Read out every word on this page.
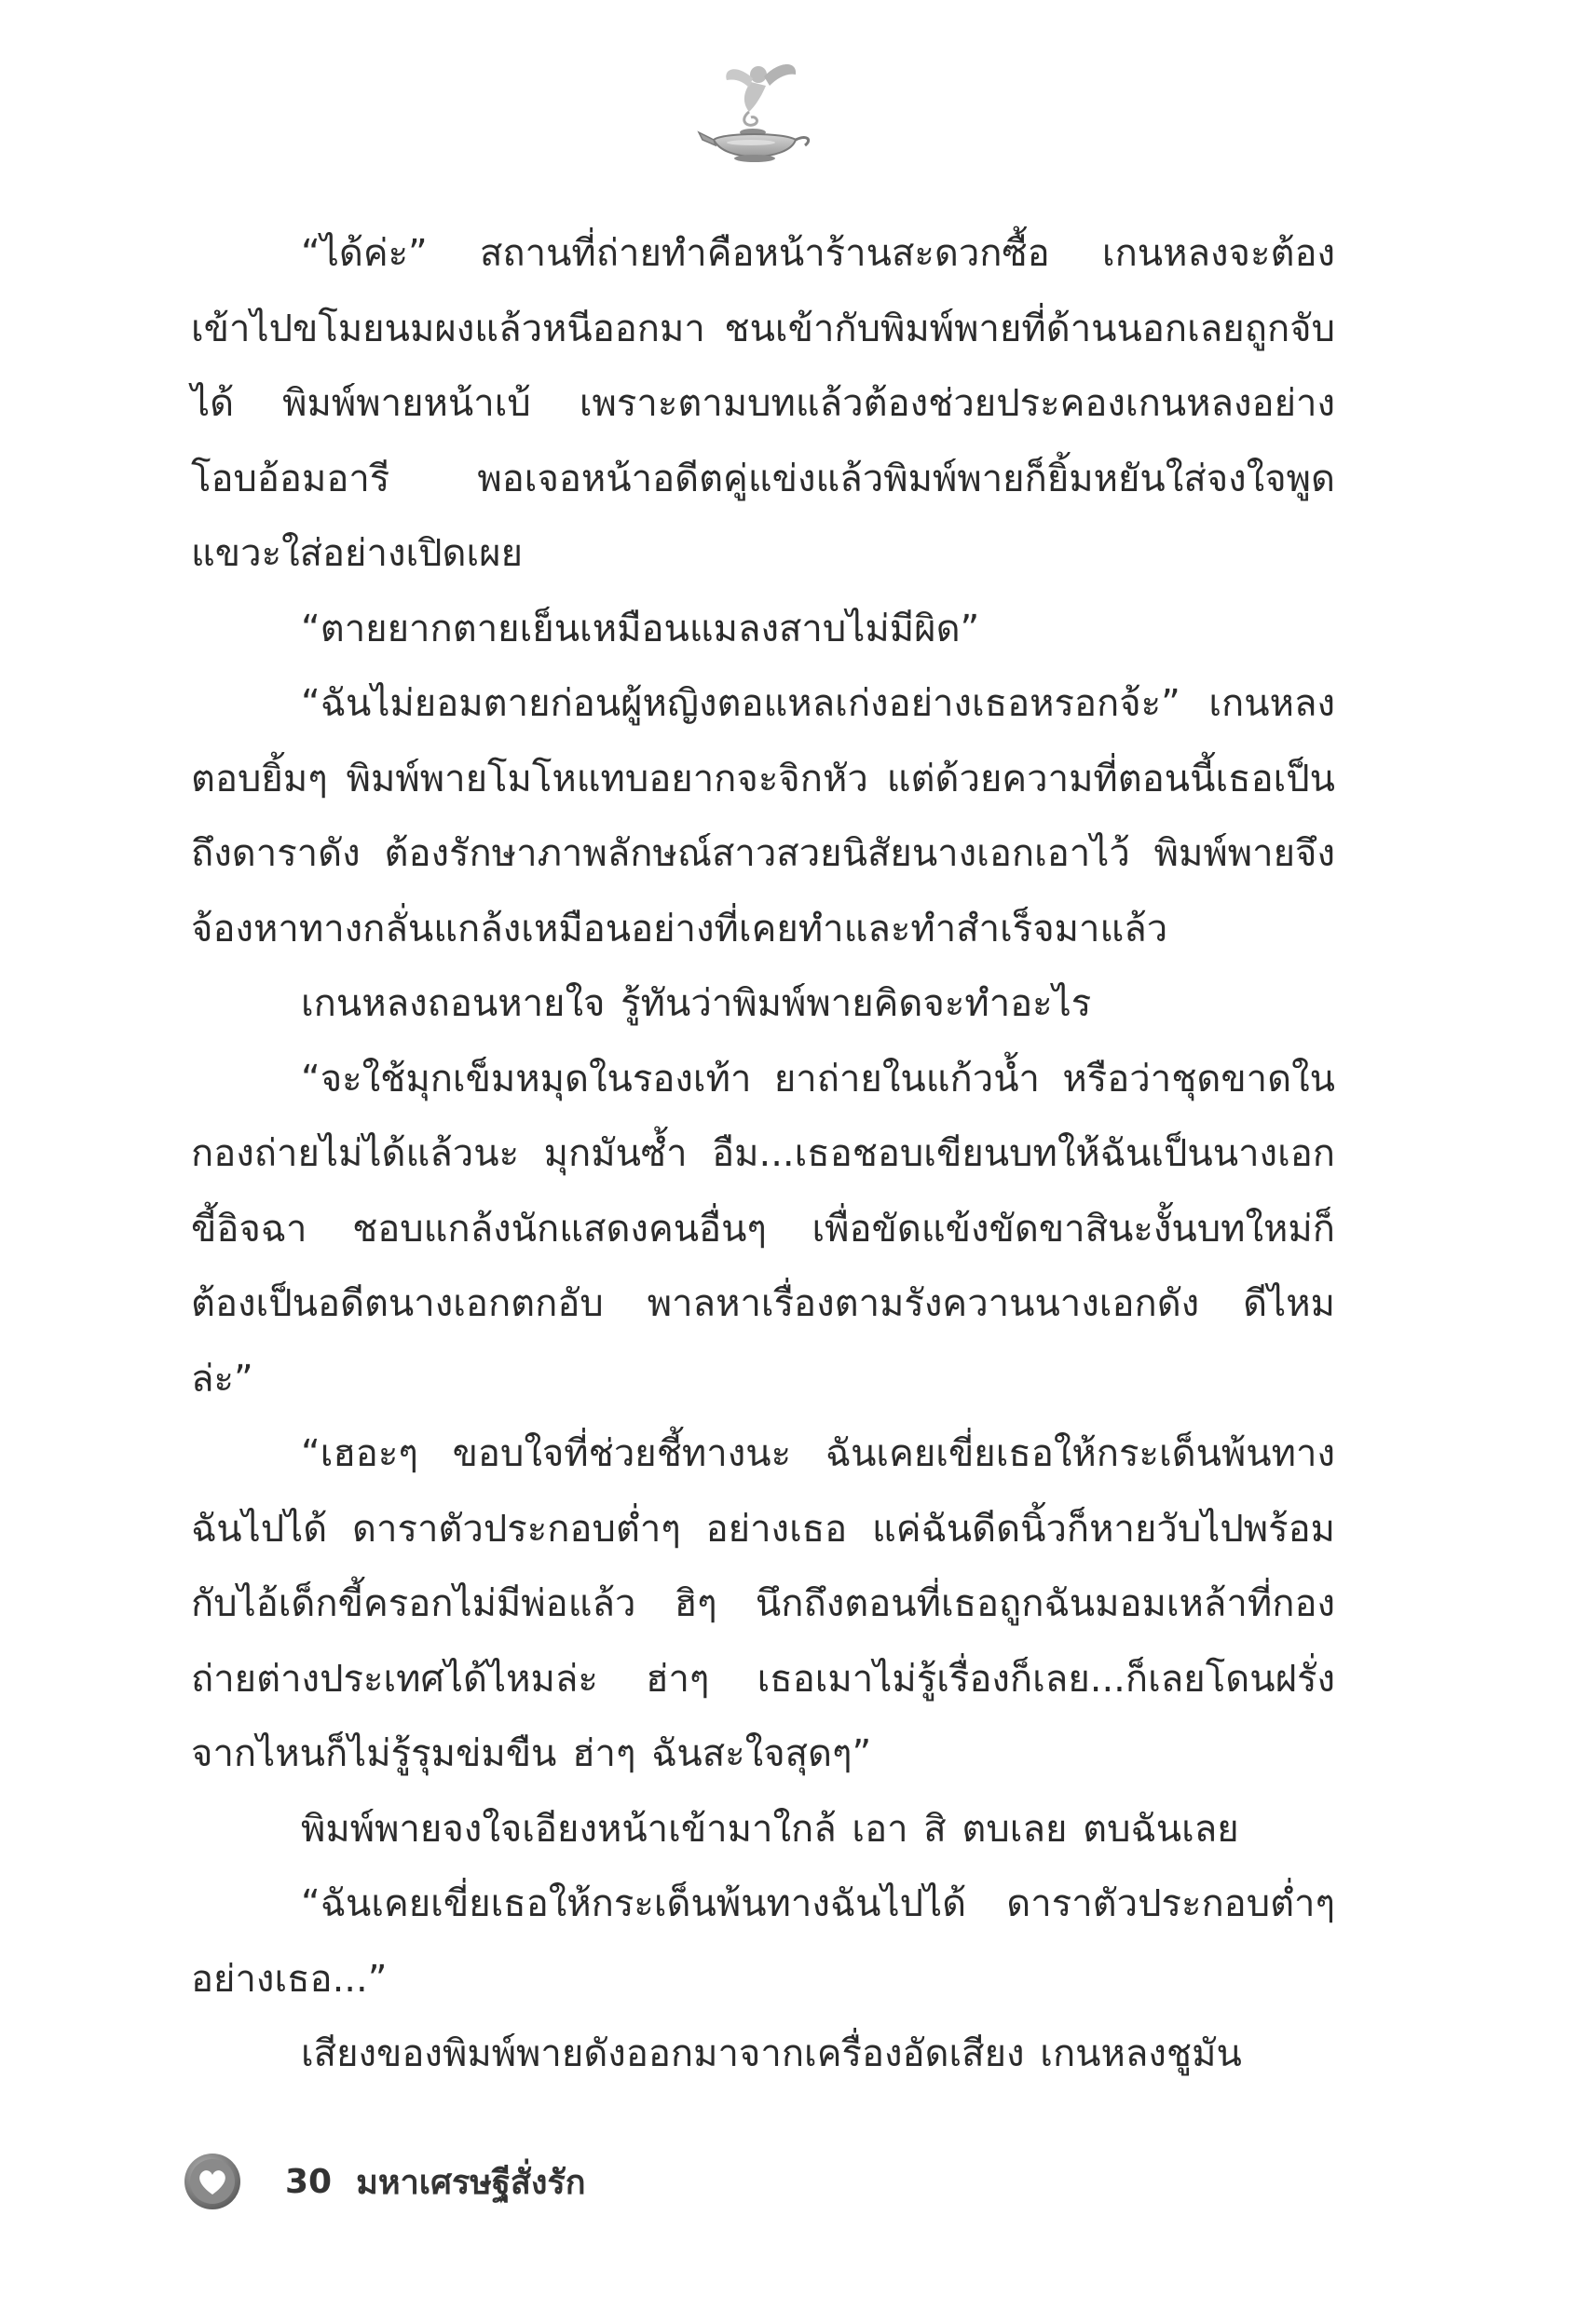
“ได้ค่ะ” สถานที่ถ่ายทำคือหน้าร้านสะดวกซื้อ เกนหลงจะต้องเข้าไปขโมยนมผงแล้วหนีออกมา ชนเข้ากับพิมพ์พายที่ด้านนอกเลยถูกจับได้ พิมพ์พายหน้าเบ้ เพราะตามบทแล้วต้องช่วยประคองเกนหลงอย่างโอบอ้อมอารี พอเจอหน้าอดีตคู่แข่งแล้วพิมพ์พายก็ยิ้มหยันใส่จงใจพูดแขวะใส่อย่างเปิดเผย

“ตายยากตายเย็นเหมือนแมลงสาบไม่มีผิด”

“ฉันไม่ยอมตายก่อนผู้หญิงตอแหลเก่งอย่างเธอหรอกจ้ะ” เกนหลงตอบยิ้มๆ พิมพ์พายโมโหแทบอยากจะจิกหัว แต่ด้วยความที่ตอนนี้เธอเป็นถึงดาราดัง ต้องรักษาภาพลักษณ์สาวสวยนิสัยนางเอกเอาไว้ พิมพ์พายจึงจ้องหาทางกลั่นแกล้งเหมือนอย่างที่เคยทำและทำสำเร็จมาแล้ว

เกนหลงถอนหายใจ รู้ทันว่าพิมพ์พายคิดจะทำอะไร

“จะใช้มุกเข็มหมุดในรองเท้า ยาถ่ายในแก้วน้ำ หรือว่าชุดขาดในกองถ่ายไม่ได้แล้วนะ มุกมันซ้ำ อืม...เธอชอบเขียนบทให้ฉันเป็นนางเอกขี้อิจฉา ชอบแกล้งนักแสดงคนอื่นๆ เพื่อขัดแข้งขัดขาสินะงั้นบทใหม่ก็ต้องเป็นอดีตนางเอกตกอับ พาลหาเรื่องตามรังควานนางเอกดัง ดีไหมล่ะ”

“เฮอะๆ ขอบใจที่ช่วยชี้ทางนะ ฉันเคยเขี่ยเธอให้กระเด็นพ้นทางฉันไปได้ ดาราตัวประกอบต่ำๆ อย่างเธอ แค่ฉันดีดนิ้วก็หายวับไปพร้อมกับไอ้เด็กขี้ครอกไม่มีพ่อแล้ว ฮิๆ นึกถึงตอนที่เธอถูกฉันมอมเหล้าที่กองถ่ายต่างประเทศได้ไหมล่ะ ฮ่าๆ เธอเมาไม่รู้เรื่องก็เลย...ก็เลยโดนฝรั่งจากไหนก็ไม่รู้รุมข่มขืน ฮ่าๆ ฉันสะใจสุดๆ”

พิมพ์พายจงใจเอียงหน้าเข้ามาใกล้ เอา สิ ตบเลย ตบฉันเลย

“ฉันเคยเขี่ยเธอให้กระเด็นพ้นทางฉันไปได้ ดาราตัวประกอบต่ำๆอย่างเธอ...”

เสียงของพิมพ์พายดังออกมาจากเครื่องอัดเสียง เกนหลงชูมัน

30 มหาเศรษฐีสั่งรัก
